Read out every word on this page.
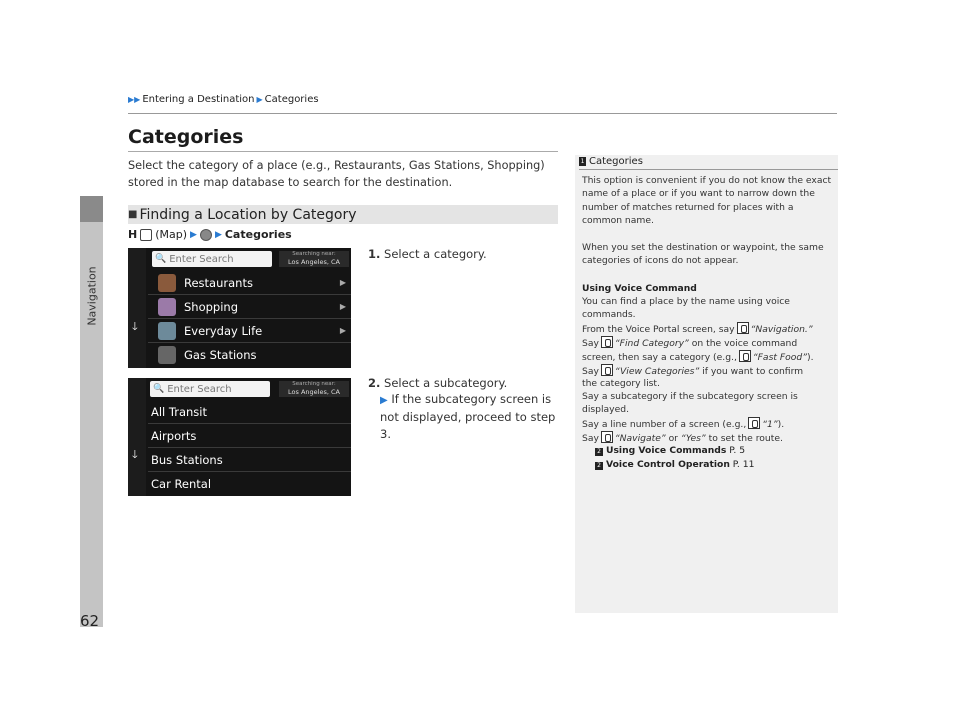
Navigation
▶▶ Entering a Destination ▶ Categories
Categories
Select the category of a place (e.g., Restaurants, Gas Stations, Shopping) stored in the map database to search for the destination.
■ Finding a Location by Category
H (Map) ▶ ▶ Categories
🡓
🔍 Enter Search	Searching near:
Los Angeles, CA
Restaurants	▶
Shopping	▶
Everyday Life	▶
Gas Stations
1. Select a category.
🡓
🔍 Enter Search	Searching near:
Los Angeles, CA
All Transit
Airports
Bus Stations
Car Rental
2. Select a subcategory.
▶ If the subcategory screen is not displayed, proceed to step 3.
1 Categories
This option is convenient if you do not know the exact name of a place or if you want to narrow down the number of matches returned for places with a common name.
When you set the destination or waypoint, the same categories of icons do not appear.
Using Voice Command
You can find a place by the name using voice commands.
From the Voice Portal screen, say “Navigation.”
Say “Find Category” on the voice command
screen, then say a category (e.g., “Fast Food”).
Say “View Categories” if you want to confirm
the category list.
Say a subcategory if the subcategory screen is displayed.
Say a line number of a screen (e.g., “1”).
Say “Navigate” or “Yes” to set the route.
2 Using Voice Commands P. 5
2 Voice Control Operation P. 11
62
